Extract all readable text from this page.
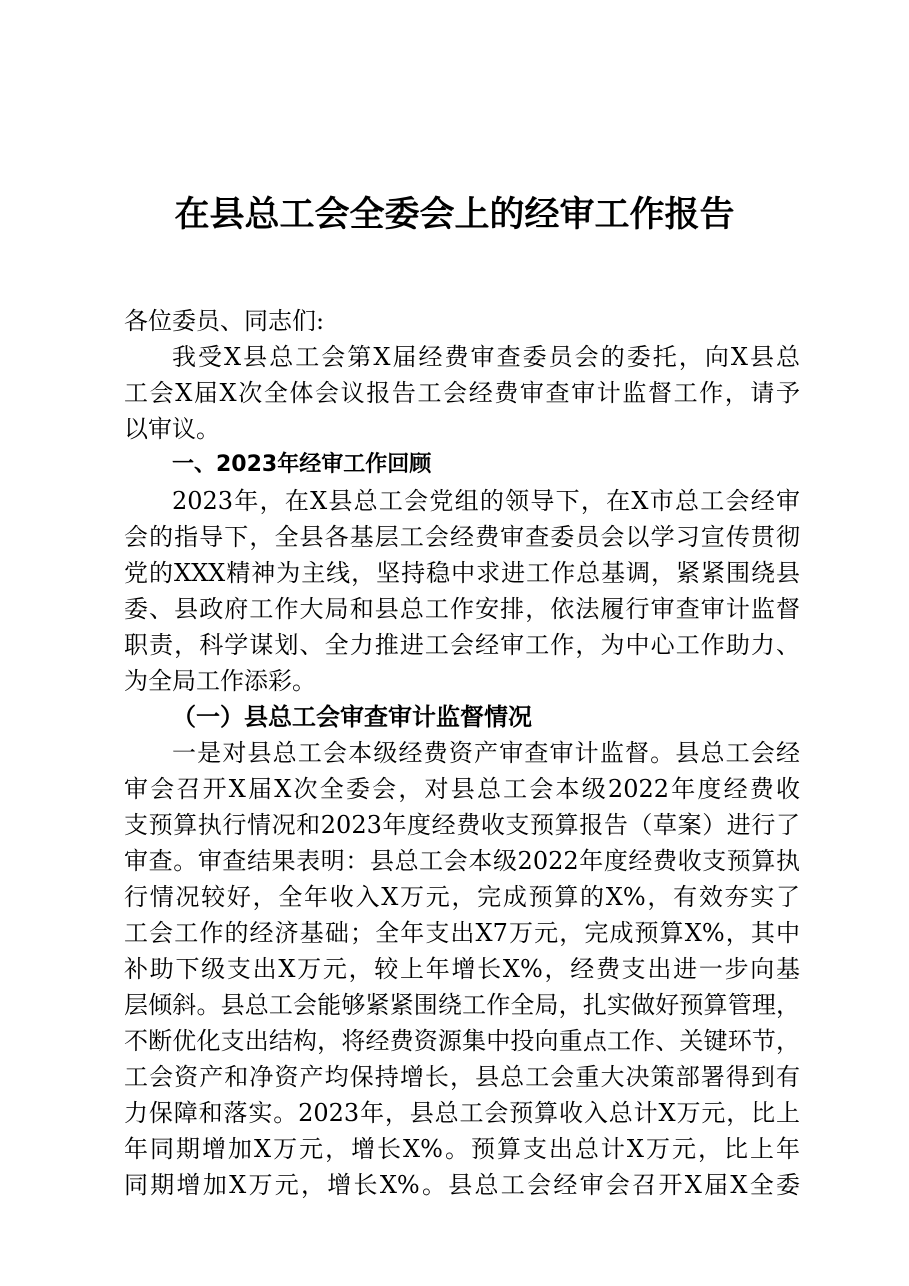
在县总工会全委会上的经审工作报告
各位委员、同志们:
我受X县总工会第X届经费审查委员会的委托，向X县总
工会X届X次全体会议报告工会经费审查审计监督工作，请予
以审议。
一、2023年经审工作回顾
2023年，在X县总工会党组的领导下，在X市总工会经审
会的指导下，全县各基层工会经费审查委员会以学习宣传贯彻
党的XXX精神为主线，坚持稳中求进工作总基调，紧紧围绕县
委、县政府工作大局和县总工作安排，依法履行审查审计监督
职责，科学谋划、全力推进工会经审工作，为中心工作助力、
为全局工作添彩。
（一）县总工会审查审计监督情况
一是对县总工会本级经费资产审查审计监督。县总工会经
审会召开X届X次全委会，对县总工会本级2022年度经费收
支预算执行情况和2023年度经费收支预算报告（草案）进行了
审查。审查结果表明：县总工会本级2022年度经费收支预算执
行情况较好，全年收入X万元，完成预算的X%，有效夯实了
工会工作的经济基础；全年支出X7万元，完成预算X%，其中
补助下级支出X万元，较上年增长X%，经费支出进一步向基
层倾斜。县总工会能够紧紧围绕工作全局，扎实做好预算管理，
不断优化支出结构，将经费资源集中投向重点工作、关键环节，
工会资产和净资产均保持增长，县总工会重大决策部署得到有
力保障和落实。2023年，县总工会预算收入总计X万元，比上
年同期增加X万元，增长X%。预算支出总计X万元，比上年
同期增加X万元，增长X%。县总工会经审会召开X届X全委
